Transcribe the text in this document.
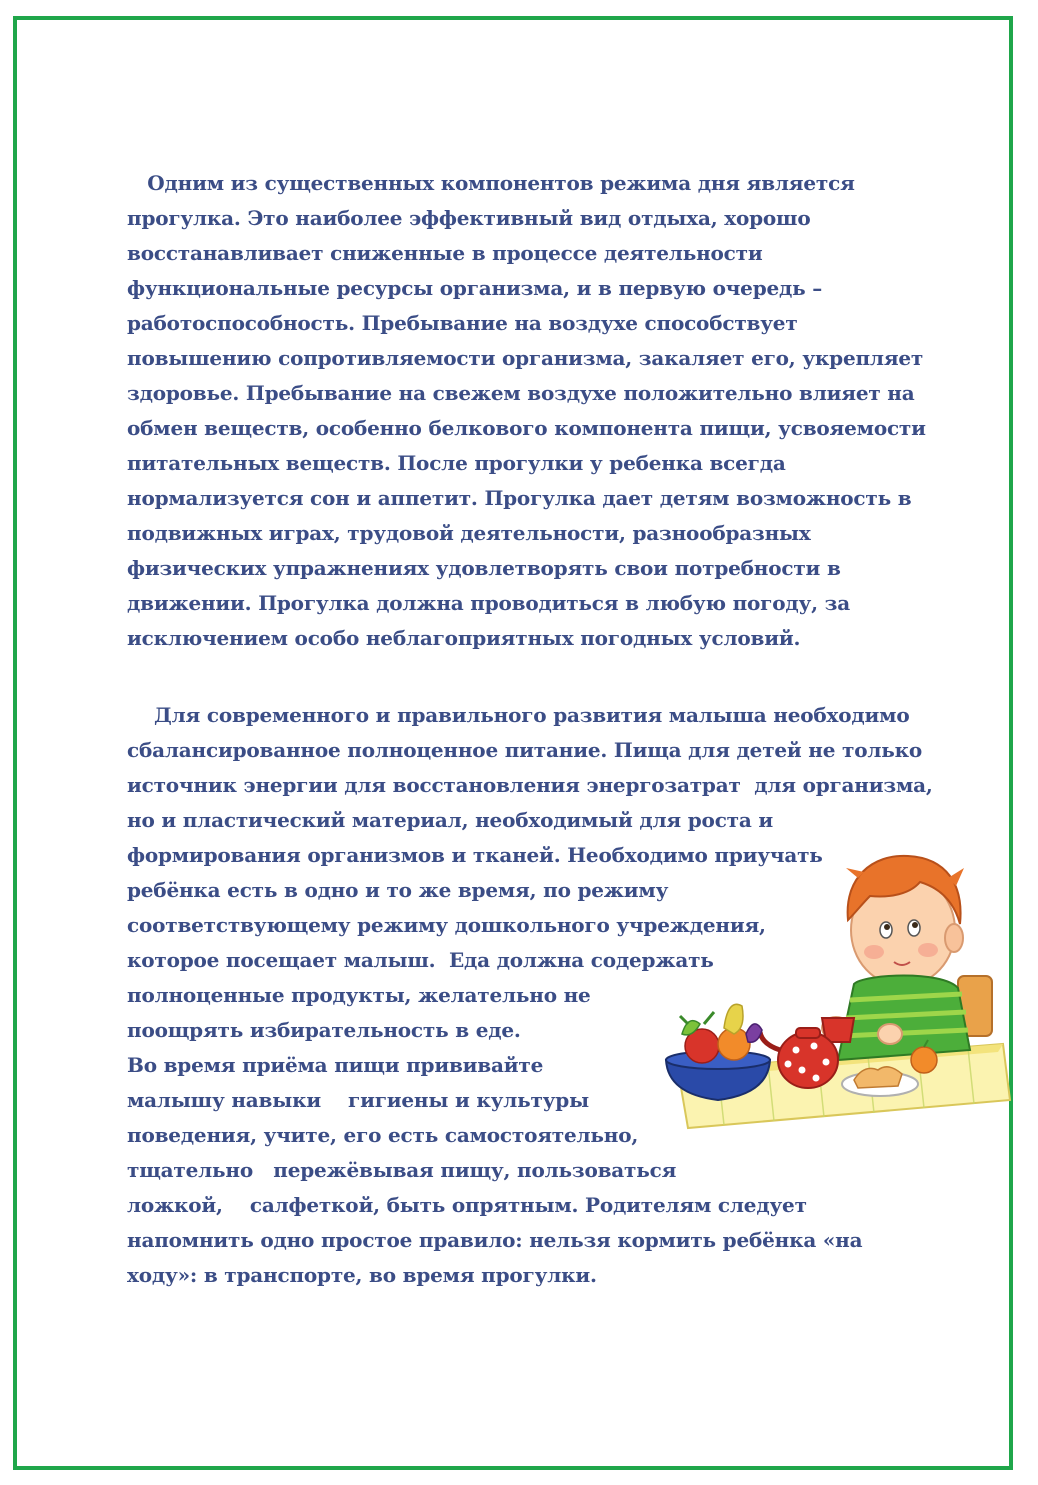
Одним из существенных компонентов режима дня является

прогулка. Это наиболее эффективный вид отдыха, хорошо

восстанавливает сниженные в процессе деятельности

функциональные ресурсы организма, и в первую очередь –

работоспособность. Пребывание на воздухе способствует

повышению сопротивляемости организма, закаляет его, укрепляет

здоровье. Пребывание на свежем воздухе положительно влияет на

обмен веществ, особенно белкового компонента пищи, усвояемости

питательных веществ. После прогулки у ребенка всегда

нормализуется сон и аппетит. Прогулка дает детям возможность в

подвижных играх, трудовой деятельности, разнообразных

физических упражнениях удовлетворять свои потребности в

движении. Прогулка должна проводиться в любую погоду, за

исключением особо неблагоприятных погодных условий.

Для современного и правильного развития малыша необходимо

сбалансированное полноценное питание. Пища для детей не только

источник энергии для восстановления энергозатрат  для организма,

но и пластический материал, необходимый для роста и

формирования организмов и тканей. Необходимо приучать

ребёнка есть в одно и то же время, по режиму

соответствующему режиму дошкольного учреждения,

которое посещает малыш.  Еда должна содержать

полноценные продукты, желательно не

поощрять избирательность в еде.

Во время приёма пищи прививайте

малышу навыки    гигиены и культуры

поведения, учите, его есть самостоятельно,

тщательно   пережёвывая пищу, пользоваться

ложкой,    салфеткой, быть опрятным. Родителям следует

напомнить одно простое правило: нельзя кормить ребёнка «на

ходу»: в транспорте, во время прогулки.
